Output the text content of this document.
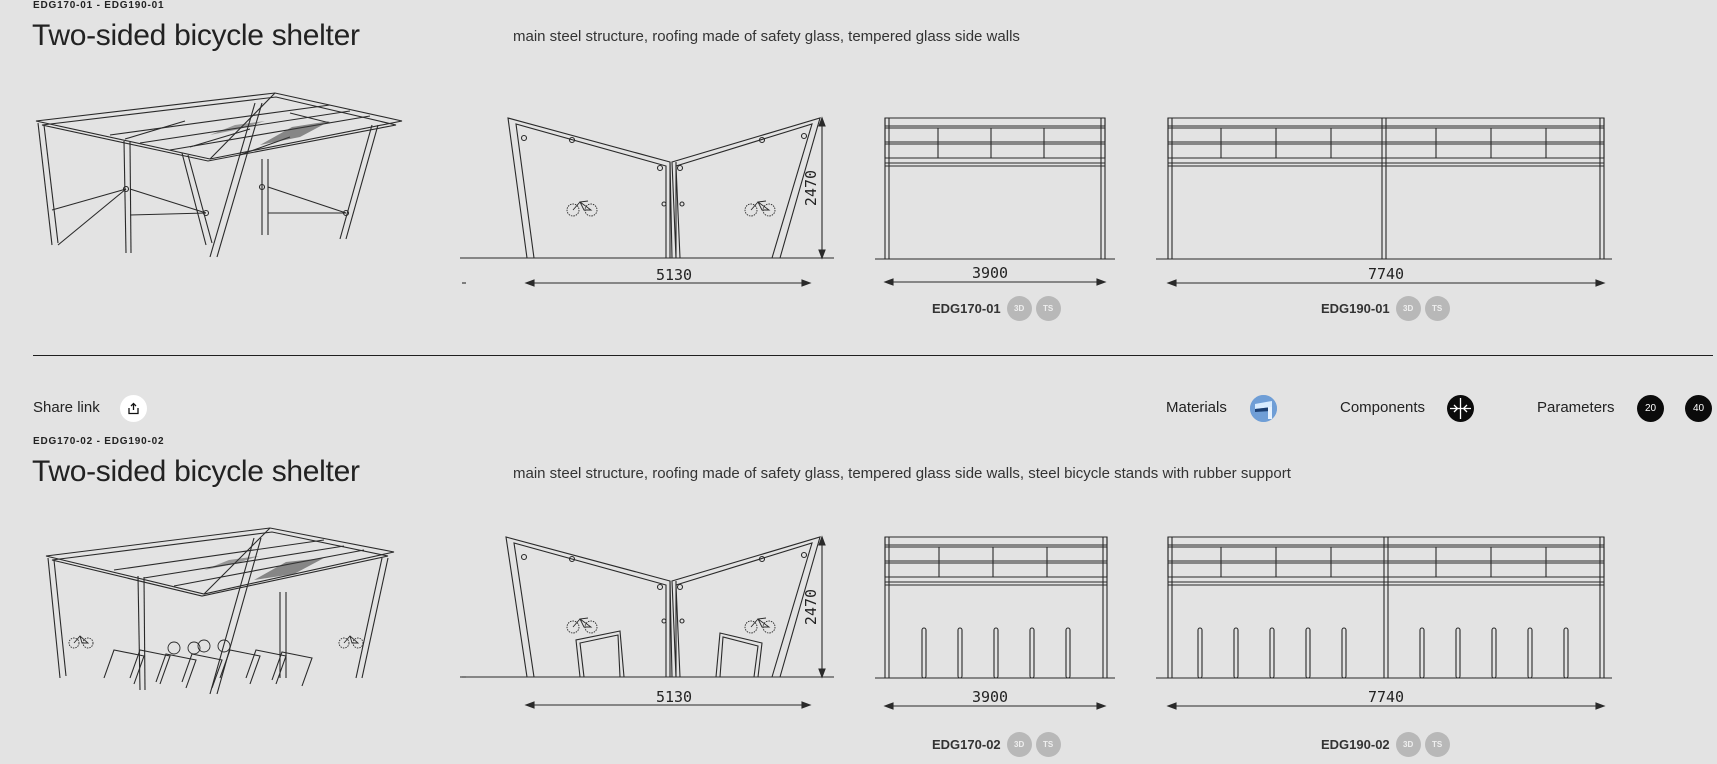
EDG170-01 - EDG190-01
Two-sided bicycle shelter	main steel structure, roofing made of safety glass, tempered glass side walls
5130
2470
3900	7740
EDG170-01	3D	TS	EDG190-01	3D	TS
Share link	Materials	Components	Parameters	20	40
EDG170-02 - EDG190-02
Two-sided bicycle shelter	main steel structure, roofing made of safety glass, tempered glass side walls, steel bicycle stands with rubber support
5130
2470
3900	7740
EDG170-02	3D	TS	EDG190-02	3D	TS
